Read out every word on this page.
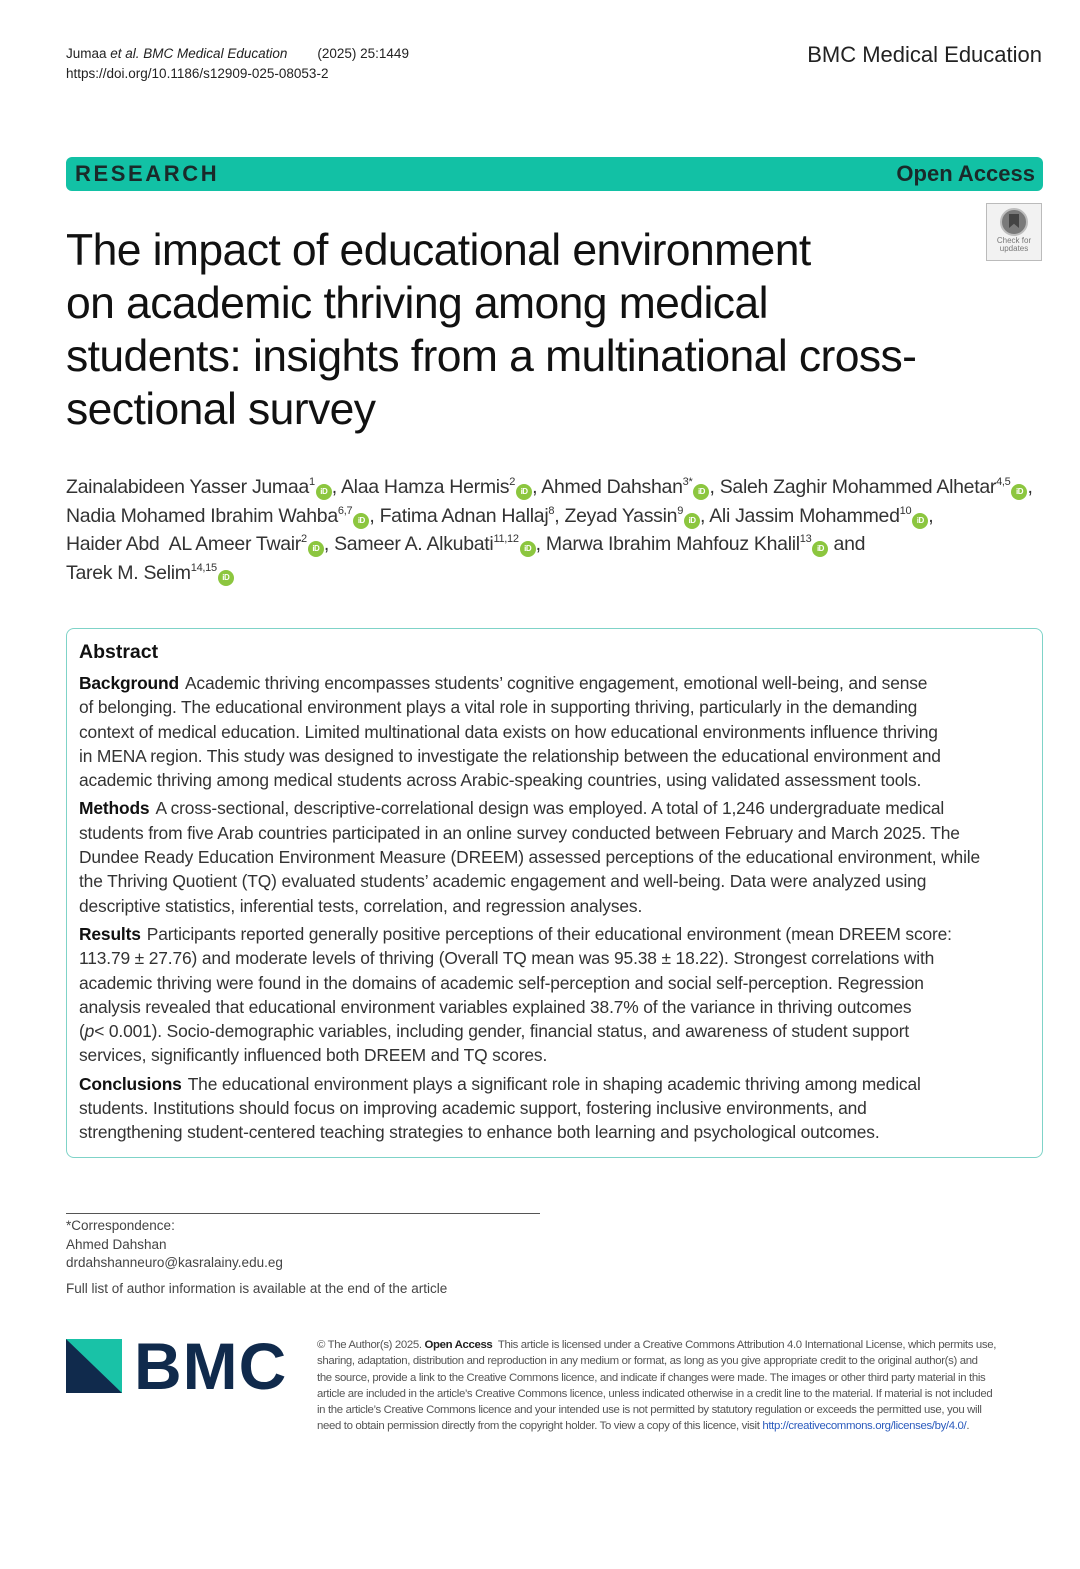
Jumaa et al. BMC Medical Education (2025) 25:1449
https://doi.org/10.1186/s12909-025-08053-2
BMC Medical Education
RESEARCH	Open Access
Check for
updates
The impact of educational environment
on academic thriving among medical
students: insights from a multinational cross-
sectional survey
Zainalabideen Yasser Jumaa$^1$iD , Alaa Hamza Hermis$^2$iD , Ahmed Dahshan$^{3*}$iD , Saleh Zaghir Mohammed Alhetar$^{4,5}$iD ,
Nadia Mohamed Ibrahim Wahba$^{6,7}$iD , Fatima Adnan Hallaj$^8$, Zeyad Yassin$^9$iD , Ali Jassim Mohammed$^{10}$iD ,
Haider Abd  AL Ameer Twair$^2$iD , Sameer A. Alkubati$^{11,12}$iD , Marwa Ibrahim Mahfouz Khalil$^{13}$iD and
Tarek M. Selim$^{14,15}$iD
Abstract
Background Academic thriving encompasses students’ cognitive engagement, emotional well-being, and sense
of belonging. The educational environment plays a vital role in supporting thriving, particularly in the demanding
context of medical education. Limited multinational data exists on how educational environments influence thriving
in MENA region. This study was designed to investigate the relationship between the educational environment and
academic thriving among medical students across Arabic-speaking countries, using validated assessment tools.
Methods A cross-sectional, descriptive-correlational design was employed. A total of 1,246 undergraduate medical
students from five Arab countries participated in an online survey conducted between February and March 2025. The
Dundee Ready Education Environment Measure (DREEM) assessed perceptions of the educational environment, while
the Thriving Quotient (TQ) evaluated students’ academic engagement and well-being. Data were analyzed using
descriptive statistics, inferential tests, correlation, and regression analyses.
Results Participants reported generally positive perceptions of their educational environment (mean DREEM score:
113.79 ± 27.76) and moderate levels of thriving (Overall TQ mean was 95.38 ± 18.22). Strongest correlations with
academic thriving were found in the domains of academic self-perception and social self-perception. Regression
analysis revealed that educational environment variables explained 38.7% of the variance in thriving outcomes
(p< 0.001). Socio-demographic variables, including gender, financial status, and awareness of student support
services, significantly influenced both DREEM and TQ scores.
Conclusions The educational environment plays a significant role in shaping academic thriving among medical
students. Institutions should focus on improving academic support, fostering inclusive environments, and
strengthening student-centered teaching strategies to enhance both learning and psychological outcomes.
*Correspondence:
Ahmed Dahshan
drdahshanneuro@kasralainy.edu.eg
Full list of author information is available at the end of the article
BMC	© The Author(s) 2025. Open Access This article is licensed under a Creative Commons Attribution 4.0 International License, which permits use,
sharing, adaptation, distribution and reproduction in any medium or format, as long as you give appropriate credit to the original author(s) and
the source, provide a link to the Creative Commons licence, and indicate if changes were made. The images or other third party material in this
article are included in the article’s Creative Commons licence, unless indicated otherwise in a credit line to the material. If material is not included
in the article’s Creative Commons licence and your intended use is not permitted by statutory regulation or exceeds the permitted use, you will
need to obtain permission directly from the copyright holder. To view a copy of this licence, visit http://creativecommons.org/licenses/by/4.0/.
